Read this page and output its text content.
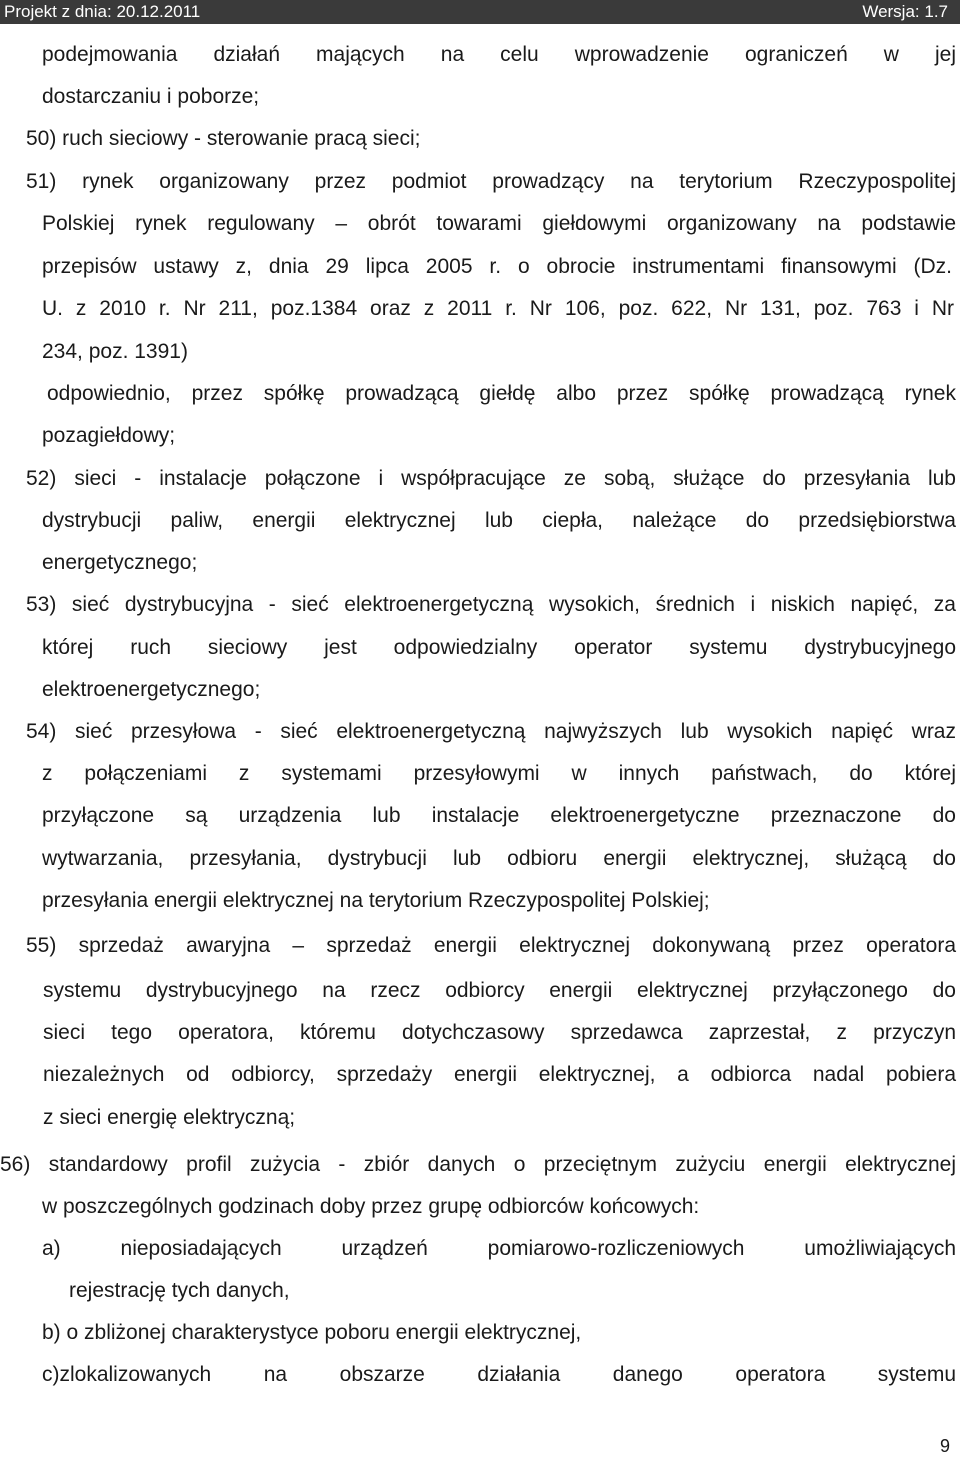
Projekt z dnia: 20.12.2011	Wersja: 1.7
podejmowania działań mających na celu wprowadzenie ograniczeń w jej
dostarczaniu i poborze;
50) ruch sieciowy - sterowanie pracą sieci;
51) rynek organizowany przez podmiot prowadzący na terytorium Rzeczypospolitej
Polskiej rynek regulowany – obrót towarami giełdowymi organizowany na podstawie
przepisów ustawy z, dnia 29 lipca 2005 r. o obrocie instrumentami finansowymi (Dz.
U. z 2010 r. Nr 211, poz.1384 oraz z 2011 r. Nr 106, poz. 622, Nr 131, poz. 763 i Nr
234, poz. 1391)
odpowiednio, przez spółkę prowadzącą giełdę albo przez spółkę prowadzącą rynek
pozagiełdowy;
52) sieci - instalacje połączone i współpracujące ze sobą, służące do przesyłania lub
dystrybucji paliw, energii elektrycznej lub ciepła, należące do przedsiębiorstwa
energetycznego;
53) sieć dystrybucyjna - sieć elektroenergetyczną wysokich, średnich i niskich napięć, za
której ruch sieciowy jest odpowiedzialny operator systemu dystrybucyjnego
elektroenergetycznego;
54) sieć przesyłowa - sieć elektroenergetyczną najwyższych lub wysokich napięć wraz
z połączeniami z systemami przesyłowymi w innych państwach, do której
przyłączone są urządzenia lub instalacje elektroenergetyczne przeznaczone do
wytwarzania, przesyłania, dystrybucji lub odbioru energii elektrycznej, służącą do
przesyłania energii elektrycznej na terytorium Rzeczypospolitej Polskiej;
55) sprzedaż awaryjna – sprzedaż energii elektrycznej dokonywaną przez operatora
systemu dystrybucyjnego na rzecz odbiorcy energii elektrycznej przyłączonego do
sieci tego operatora, któremu dotychczasowy sprzedawca zaprzestał, z przyczyn
niezależnych od odbiorcy, sprzedaży energii elektrycznej, a odbiorca nadal pobiera
z sieci energię elektryczną;
56) standardowy profil zużycia - zbiór danych o przeciętnym zużyciu energii elektrycznej
w poszczególnych godzinach doby przez grupę odbiorców końcowych:
a) nieposiadających urządzeń pomiarowo-rozliczeniowych umożliwiających
rejestrację tych danych,
b) o zbliżonej charakterystyce poboru energii elektrycznej,
c)zlokalizowanych na obszarze działania danego operatora systemu
9
